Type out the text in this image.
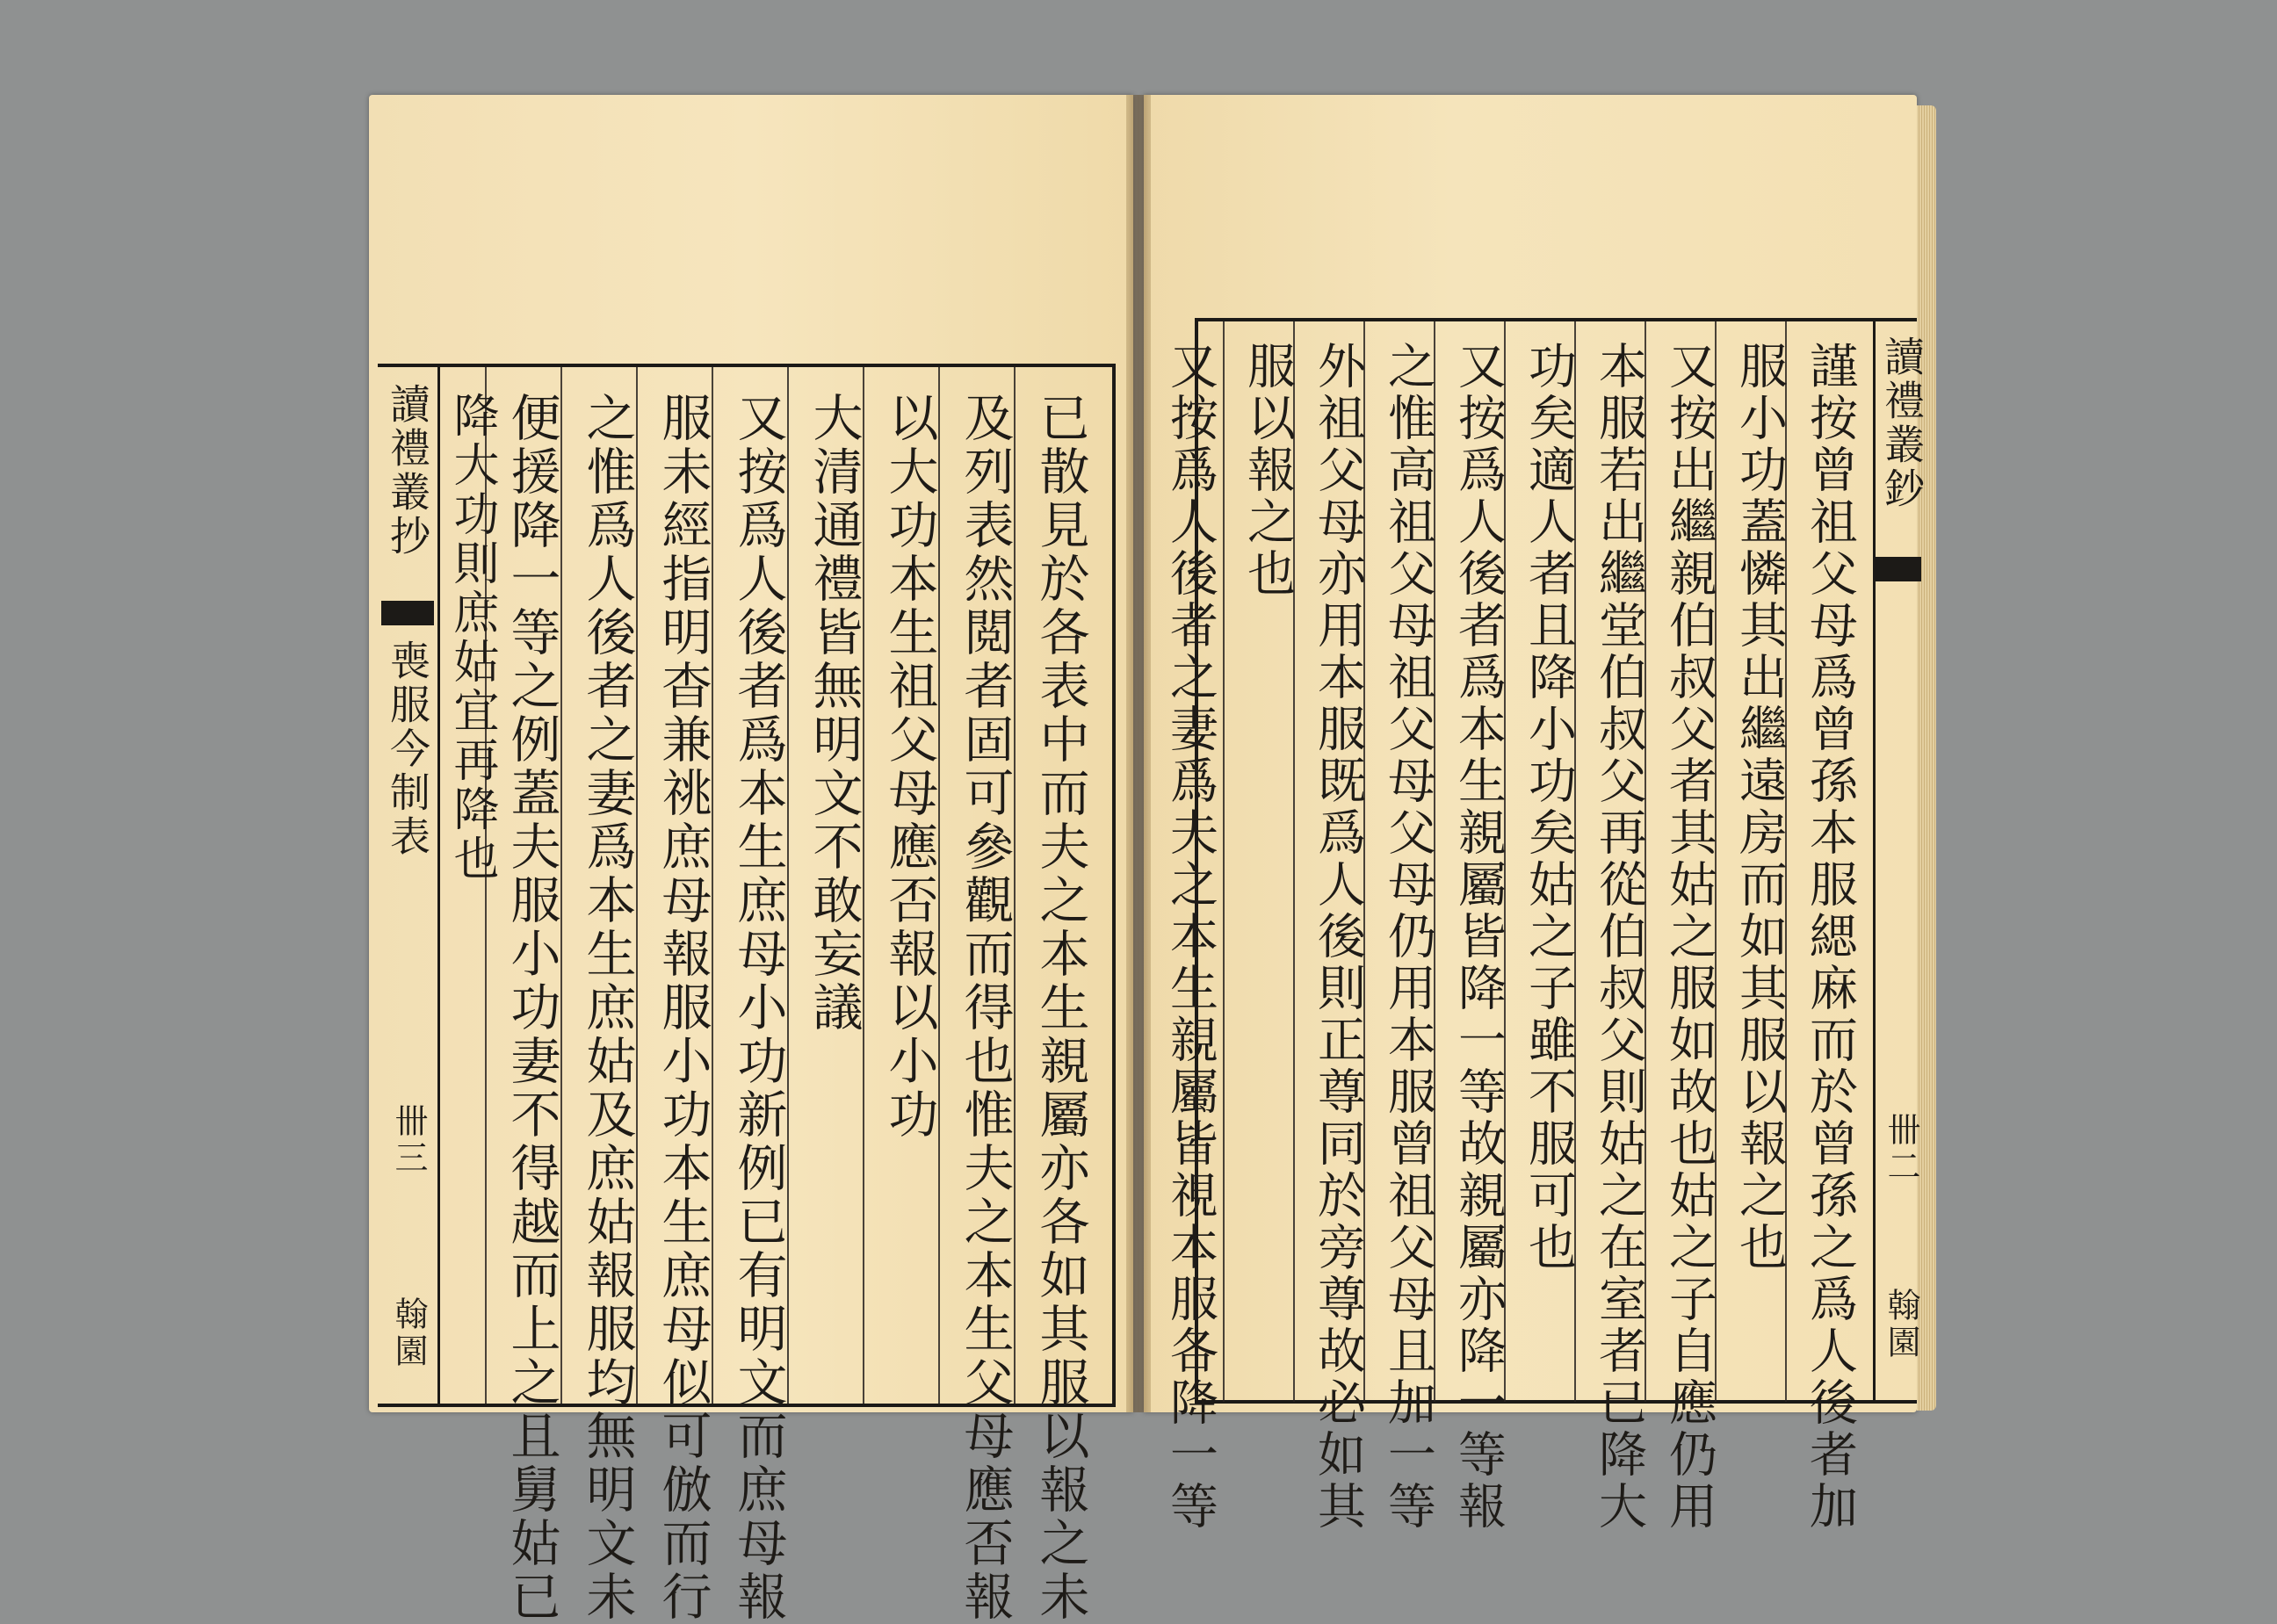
讀禮叢抄
喪服今制表
卌三
翰園	已散見於各表中而夫之本生親屬亦各如其服以報之未
及列表然閲者固可參觀而得也惟夫之本生父母應否報
以大功本生祖父母應否報以小功
大清通禮皆無明文不敢妄議
又按爲人後者爲本生庶母小功新例已有明文而庶母報
服未經指明杳兼祧庶母報服小功本生庶母似可倣而行
之惟爲人後者之妻爲本生庶姑及庶姑報服均無明文未
便援降一等之例蓋夫服小功妻不得越而上之且舅姑已
降大功則庶姑宜再降也	讀禮叢鈔
卌二
翰園
謹按曾祖父母爲曾孫本服緦麻而於曾孫之爲人後者加
服小功蓋憐其出繼遠房而如其服以報之也
又按出繼親伯叔父者其姑之服如故也姑之子自應仍用
本服若出繼堂伯叔父再從伯叔父則姑之在室者已降大
功矣適人者且降小功矣姑之子雖不服可也
又按爲人後者爲本生親屬皆降一等故親屬亦降一等報
之惟高祖父母祖父母父母仍用本服曾祖父母且加一等
外祖父母亦用本服既爲人後則正尊同於旁尊故必如其
服以報之也
又按爲人後者之妻爲夫之本生親屬皆視本服各降一等
